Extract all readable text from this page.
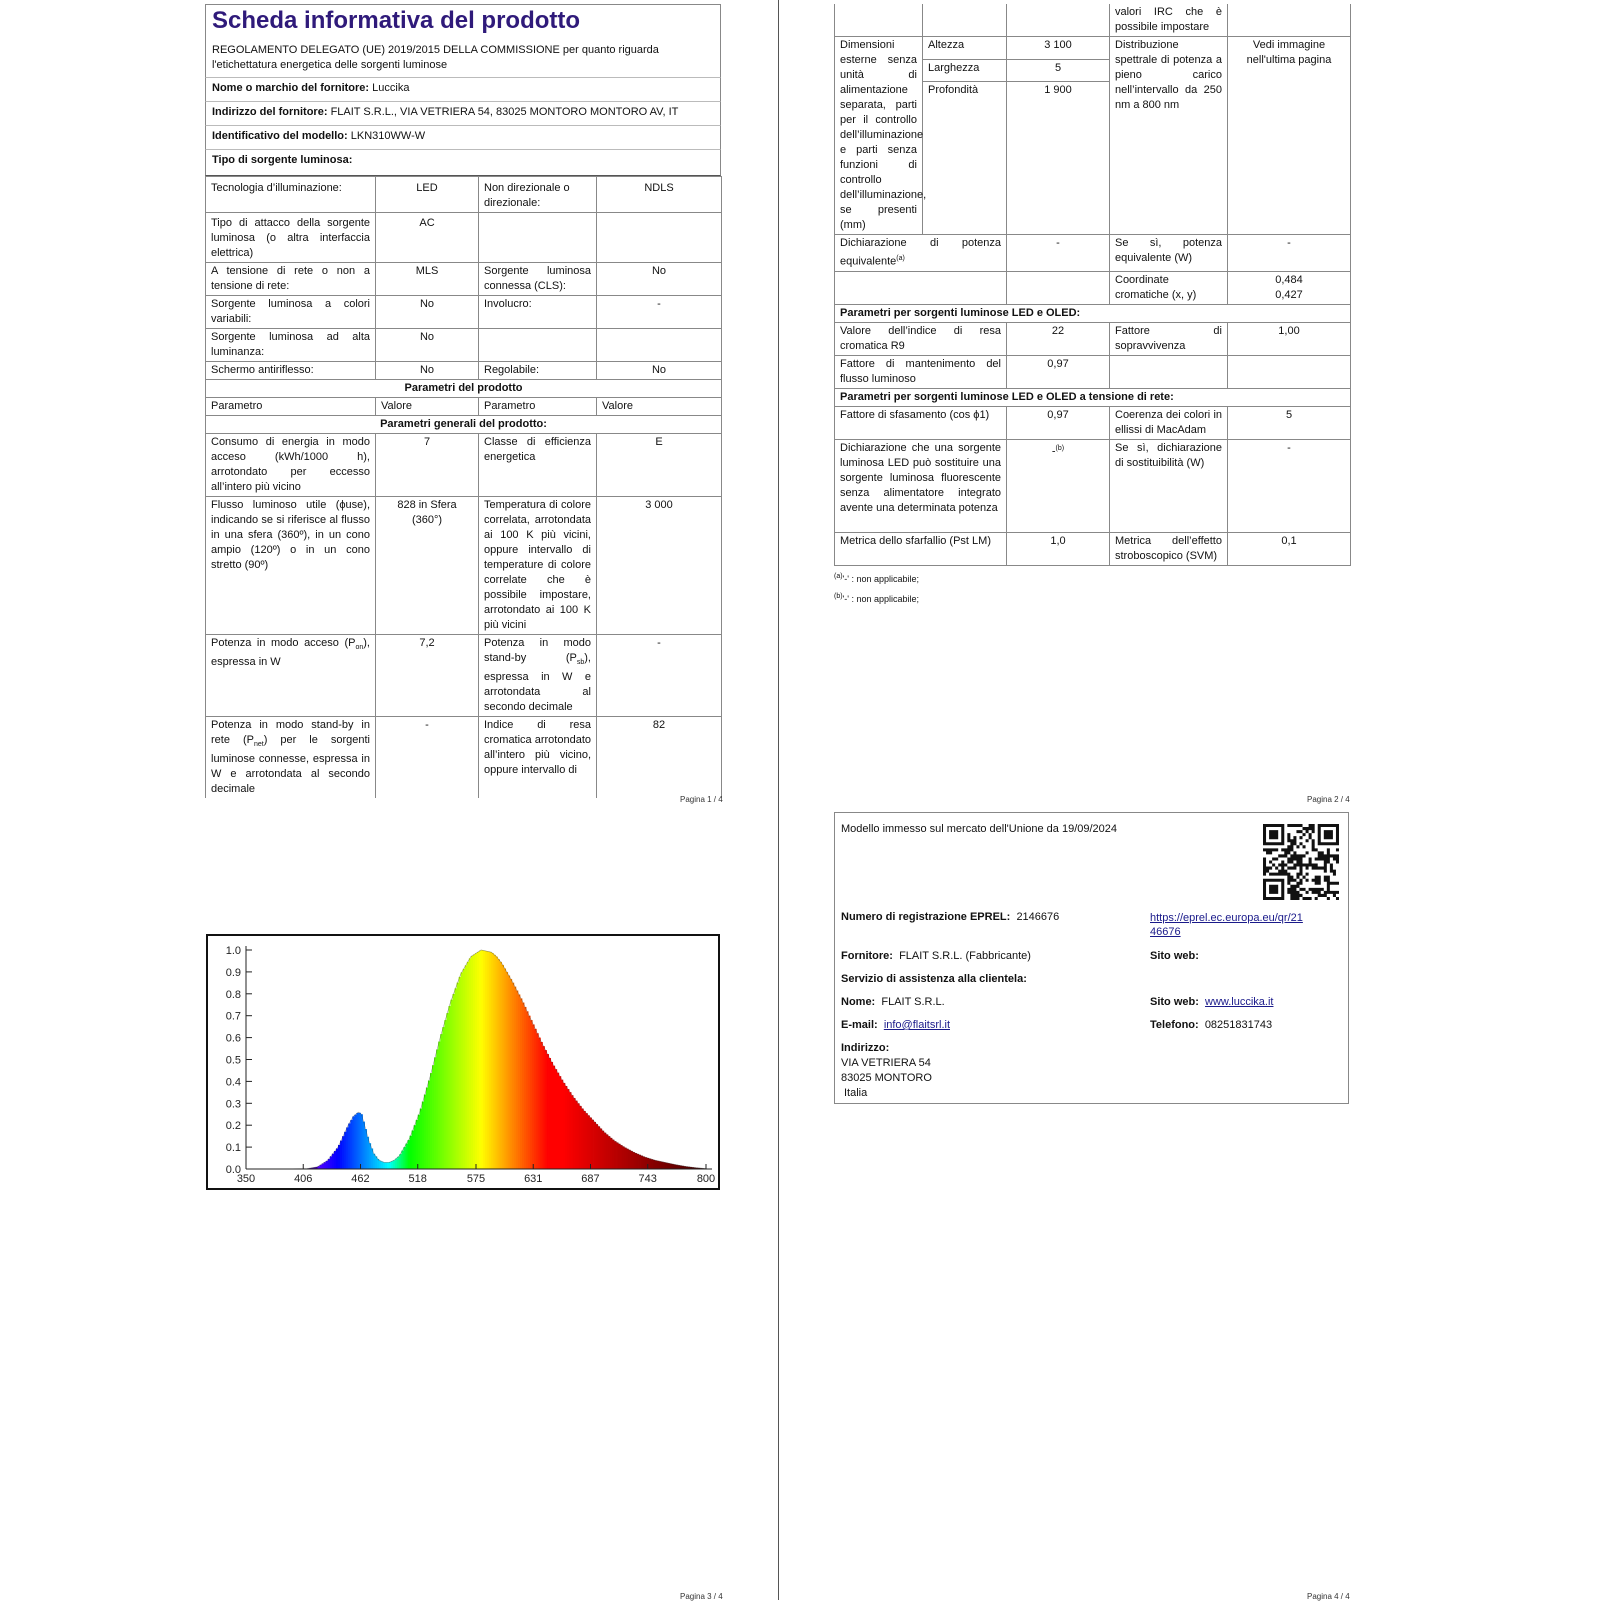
Scheda informativa del prodotto
REGOLAMENTO DELEGATO (UE) 2019/2015 DELLA COMMISSIONE per quanto riguarda l'etichettatura energetica delle sorgenti luminose
Nome o marchio del fornitore: Luccika
Indirizzo del fornitore: FLAIT S.R.L., VIA VETRIERA 54, 83025 MONTORO MONTORO AV, IT
Identificativo del modello: LKN310WW-W
Tipo di sorgente luminosa:
Tecnologia d’illuminazione:	LED	Non direzionale o direzionale:	NDLS
Tipo di attacco della sorgente luminosa (o altra interfaccia elettrica)	AC		
A tensione di rete o non a tensione di rete:	MLS	Sorgente luminosa connessa (CLS):	No
Sorgente luminosa a colori variabili:	No	Involucro:	-
Sorgente luminosa ad alta luminanza:	No		
Schermo antiriflesso:	No	Regolabile:	No
Parametri del prodotto			
Parametro	Valore	Parametro	Valore
Parametri generali del prodotto:			
Consumo di energia in modo acceso (kWh/1000 h), arrotondato per eccesso all’intero più vicino	7	Classe di efficienza energetica	E
Flusso luminoso utile (ϕuse), indicando se si riferisce al flusso in una sfera (360º), in un cono ampio (120º) o in un cono stretto (90º)	828 in Sfera (360°)	Temperatura di colore correlata, arrotondata ai 100 K più vicini, oppure intervallo di temperature di colore correlate che è possibile impostare, arrotondato ai 100 K più vicini	3 000
Potenza in modo acceso $(P_{on})$, espressa in W	7,2	Potenza in modo stand-by $(P_{sb})$, espressa in W e arrotondata al secondo decimale	-
Potenza in modo stand-by in rete $(P_{net})$ per le sorgenti luminose connesse, espressa in W e arrotondata al secondo decimale	-	Indice di resa cromatica arrotondato all’intero più vicino, oppure intervallo di	82
Pagina 1 / 4
			valori IRC che è possibile impostare	
Dimensioni esterne senza unità di alimentazione separata, parti per il controllo dell’illuminazione e parti senza funzioni di controllo dell’illuminazione, se presenti (mm)	Altezza	3 100	Distribuzione spettrale di potenza a pieno carico nell’intervallo da 250 nm a 800 nm	Vedi immagine nell'ultima pagina
	Larghezza	5		
	Profondità	1 900		
Dichiarazione di potenza equivalente$^{(a)}$		-	Se sì, potenza equivalente (W)	-
			Coordinate cromatiche (x, y)	0,484
0,427

Parametri per sorgenti luminose LED e OLED:				
Valore dell’indice di resa cromatica R9		22	Fattore di sopravvivenza	1,00
Fattore di mantenimento del flusso luminoso		0,97		
Parametri per sorgenti luminose LED e OLED a tensione di rete:				
Fattore di sfasamento (cos ϕ1)		0,97	Coerenza dei colori in ellissi di MacAdam	5
Dichiarazione che una sorgente luminosa LED può sostituire una sorgente luminosa fluorescente senza alimentatore integrato avente una determinata potenza		-$^{(b)}$	Se sì, dichiarazione di sostituibilità (W)	-
Metrica dello sfarfallio (Pst LM)		1,0	Metrica dell’effetto stroboscopico (SVM)	0,1
$^{(a)}$'-' : non applicabile;
$^{(b)}$'-' : non applicabile;
Pagina 2 / 4
0.0
0.1
0.2
0.3
0.4
0.5
0.6
0.7
0.8
0.9
1.0
350	406	462	518	575	631	687	743	800
Pagina 3 / 4
Modello immesso sul mercato dell'Unione da 19/09/2024
Numero di registrazione EPREL: 2146676	https://eprel.ec.europa.eu/qr/21
46676
Fornitore: FLAIT S.R.L. (Fabbricante)	Sito web:
Servizio di assistenza alla clientela:
Nome: FLAIT S.R.L.	Sito web: www.luccika.it
E-mail: info@flaitsrl.it	Telefono: 08251831743
Indirizzo:
VIA VETRIERA 54
83025 MONTORO
Italia
Pagina 4 / 4
